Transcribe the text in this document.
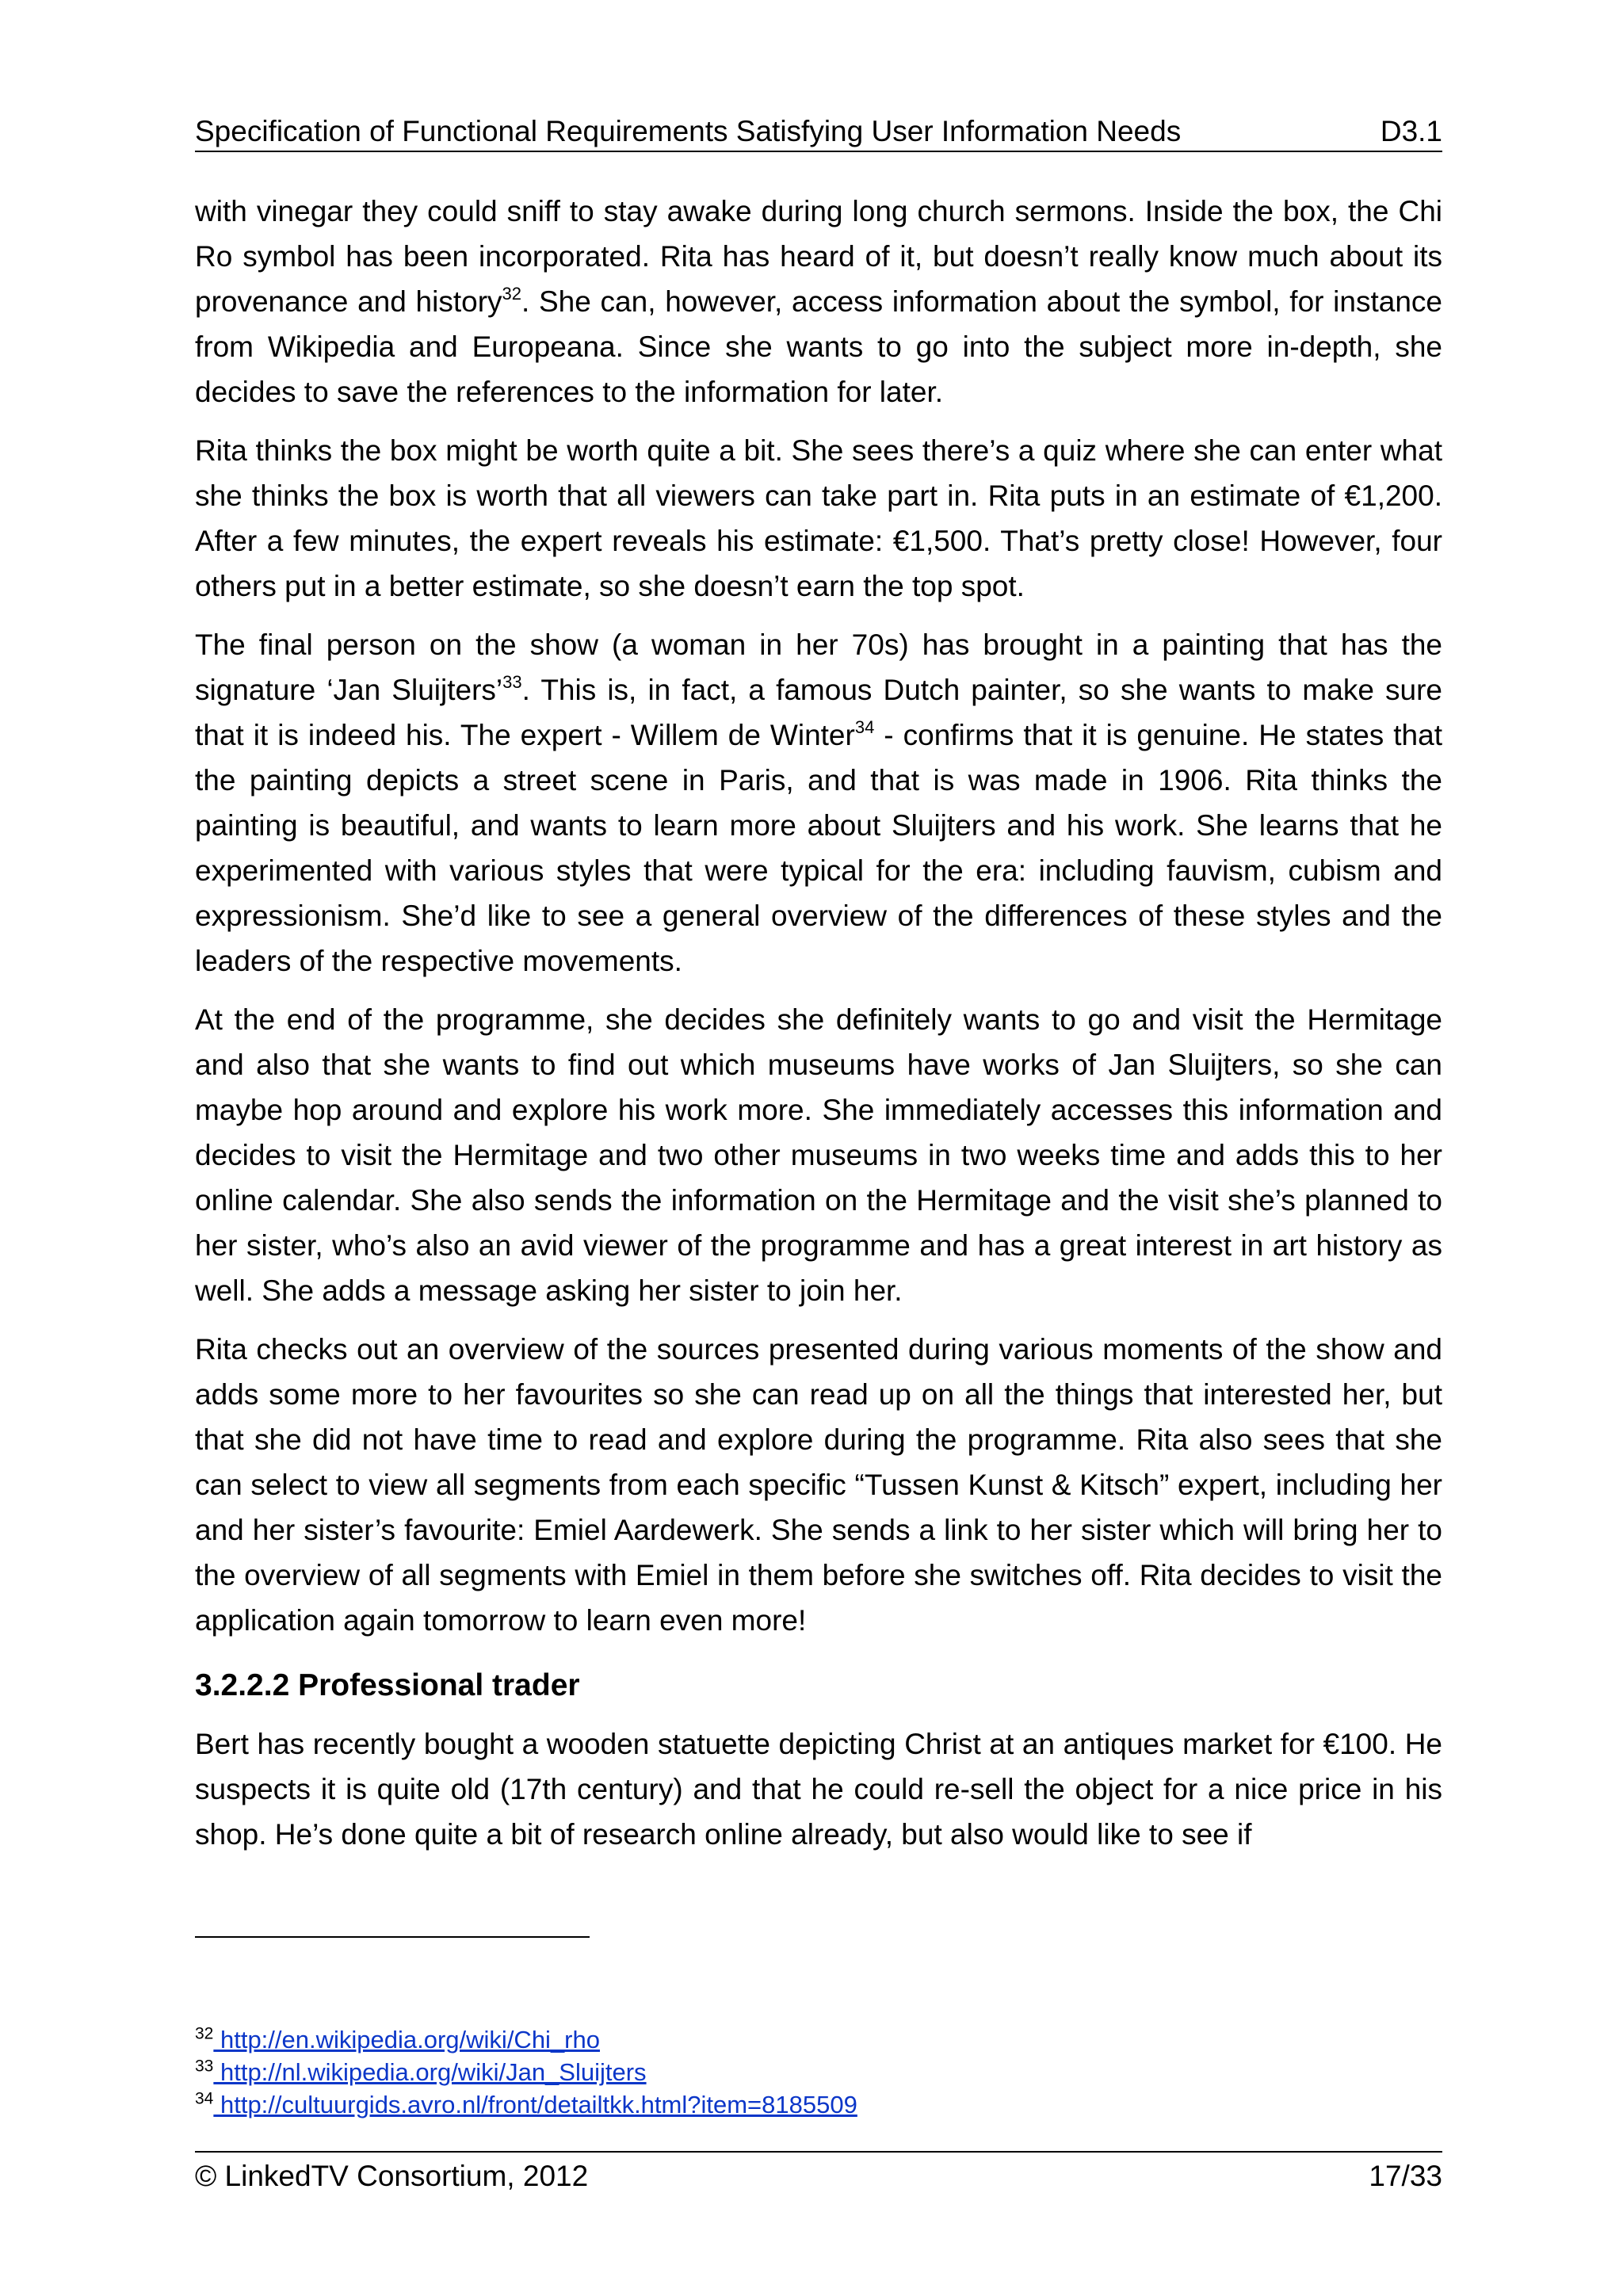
Specification of Functional Requirements Satisfying User Information Needs	D3.1

with vinegar they could sniff to stay awake during long church sermons. Inside the box, the Chi Ro symbol has been incorporated. Rita has heard of it, but doesn’t really know much about its provenance and history$^{32}$. She can, however, access information about the symbol, for instance from Wikipedia and Europeana. Since she wants to go into the subject more in-depth, she decides to save the references to the information for later.

Rita thinks the box might be worth quite a bit. She sees there’s a quiz where she can enter what she thinks the box is worth that all viewers can take part in. Rita puts in an estimate of €1,200. After a few minutes, the expert reveals his estimate: €1,500. That’s pretty close! However, four others put in a better estimate, so she doesn’t earn the top spot.

The final person on the show (a woman in her 70s) has brought in a painting that has the signature ‘Jan Sluijters’$^{33}$. This is, in fact, a famous Dutch painter, so she wants to make sure that it is indeed his. The expert - Willem de Winter$^{34}$ - confirms that it is genuine. He states that the painting depicts a street scene in Paris, and that is was made in 1906. Rita thinks the painting is beautiful, and wants to learn more about Sluijters and his work. She learns that he experimented with various styles that were typical for the era: including fauvism, cubism and expressionism. She’d like to see a general overview of the differences of these styles and the leaders of the respective movements.

At the end of the programme, she decides she definitely wants to go and visit the Hermitage and also that she wants to find out which museums have works of Jan Sluijters, so she can maybe hop around and explore his work more. She immediately accesses this information and decides to visit the Hermitage and two other museums in two weeks time and adds this to her online calendar. She also sends the information on the Hermitage and the visit she’s planned to her sister, who’s also an avid viewer of the programme and has a great interest in art history as well. She adds a message asking her sister to join her.

Rita checks out an overview of the sources presented during various moments of the show and adds some more to her favourites so she can read up on all the things that interested her, but that she did not have time to read and explore during the programme. Rita also sees that she can select to view all segments from each specific “Tussen Kunst & Kitsch” expert, including her and her sister’s favourite: Emiel Aardewerk. She sends a link to her sister which will bring her to the overview of all segments with Emiel in them before she switches off. Rita decides to visit the application again tomorrow to learn even more!

3.2.2.2 Professional trader

Bert has recently bought a wooden statuette depicting Christ at an antiques market for €100. He suspects it is quite old (17th century) and that he could re-sell the object for a nice price in his shop. He’s done quite a bit of research online already, but also would like to see if

$^{32}$ http://en.wikipedia.org/wiki/Chi_rho
$^{33}$ http://nl.wikipedia.org/wiki/Jan_Sluijters
$^{34}$ http://cultuurgids.avro.nl/front/detailtkk.html?item=8185509
© LinkedTV Consortium, 2012	17/33
